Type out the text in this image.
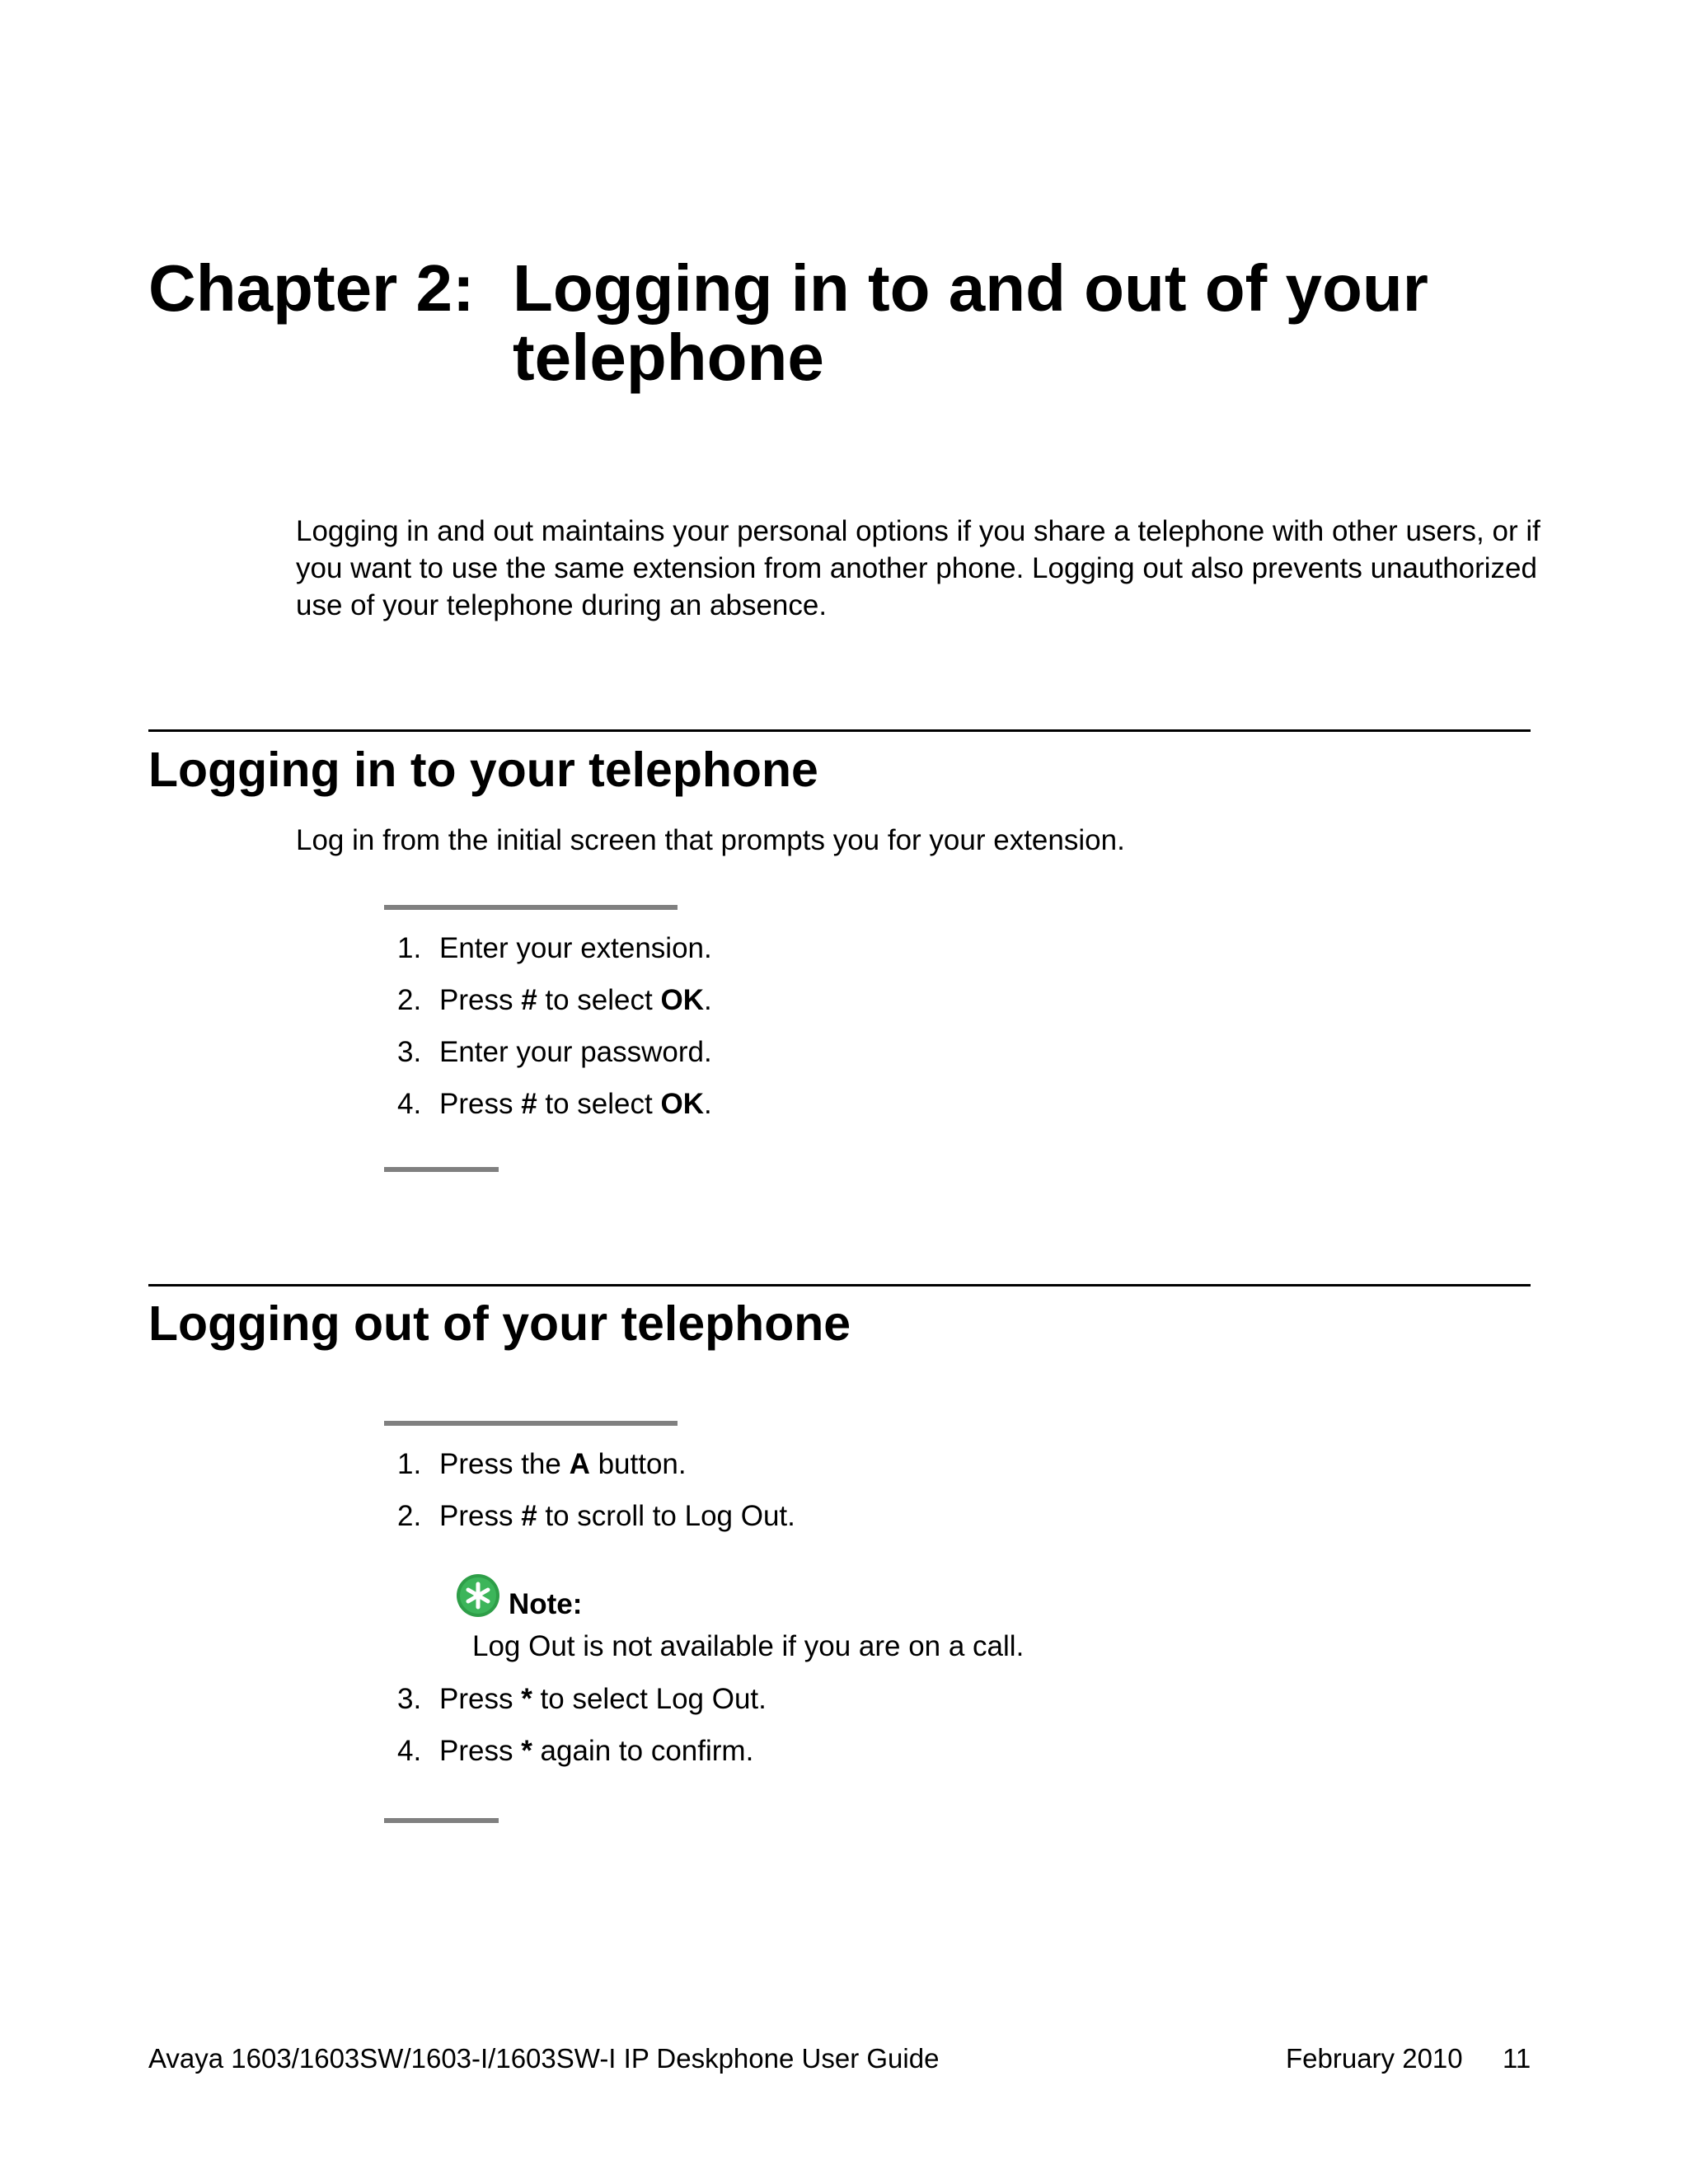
Chapter 2: Logging in to and out of your telephone
Logging in and out maintains your personal options if you share a telephone with other users, or if you want to use the same extension from another phone. Logging out also prevents unauthorized use of your telephone during an absence.
Logging in to your telephone
Log in from the initial screen that prompts you for your extension.
1. Enter your extension.
2. Press # to select OK .
3. Enter your password.
4. Press # to select OK .
Logging out of your telephone
1. Press the A button.
2. Press # to scroll to Log Out.
Note:
Log Out is not available if you are on a call.
3. Press * to select Log Out.
4. Press * again to confirm.
Avaya 1603/1603SW/1603-I/1603SW-I IP Deskphone User Guide	February 2010 11
